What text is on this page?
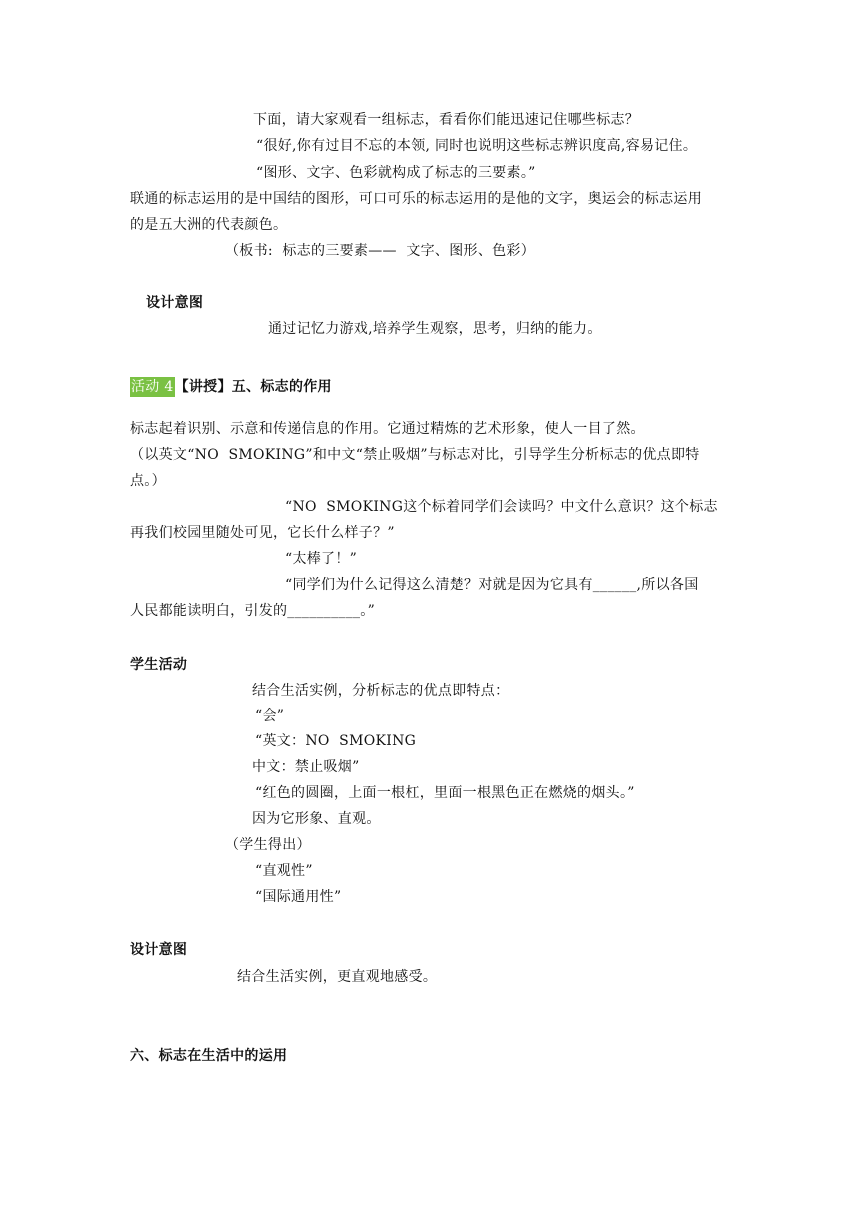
下面，请大家观看一组标志，看看你们能迅速记住哪些标志？
“很好,你有过目不忘的本领, 同时也说明这些标志辨识度高,容易记住。
“图形、文字、色彩就构成了标志的三要素。”
联通的标志运用的是中国结的图形，可口可乐的标志运用的是他的文字，奥运会的标志运用
的是五大洲的代表颜色。
（板书:  标志的三要素——  文字、图形、色彩）
设计意图
通过记忆力游戏,培养学生观察，思考，归纳的能力。
活动 4【讲授】五、标志的作用
标志起着识别、示意和传递信息的作用。它通过精炼的艺术形象，使人一目了然。
（以英文“NO  SMOKING”和中文“禁止吸烟”与标志对比，引导学生分析标志的优点即特
点。）
“NO  SMOKING这个标着同学们会读吗？中文什么意识？这个标志
再我们校园里随处可见，它长什么样子？”
“太棒了！”
“同学们为什么记得这么清楚？对就是因为它具有______,所以各国
人民都能读明白，引发的__________。”
学生活动
结合生活实例，分析标志的优点即特点：
“会”
“英文：NO  SMOKING
中文：禁止吸烟”
“红色的圆圈，上面一根杠，里面一根黑色正在燃烧的烟头。”
因为它形象、直观。
（学生得出）
“直观性”
“国际通用性”
设计意图
结合生活实例，更直观地感受。
六、标志在生活中的运用
